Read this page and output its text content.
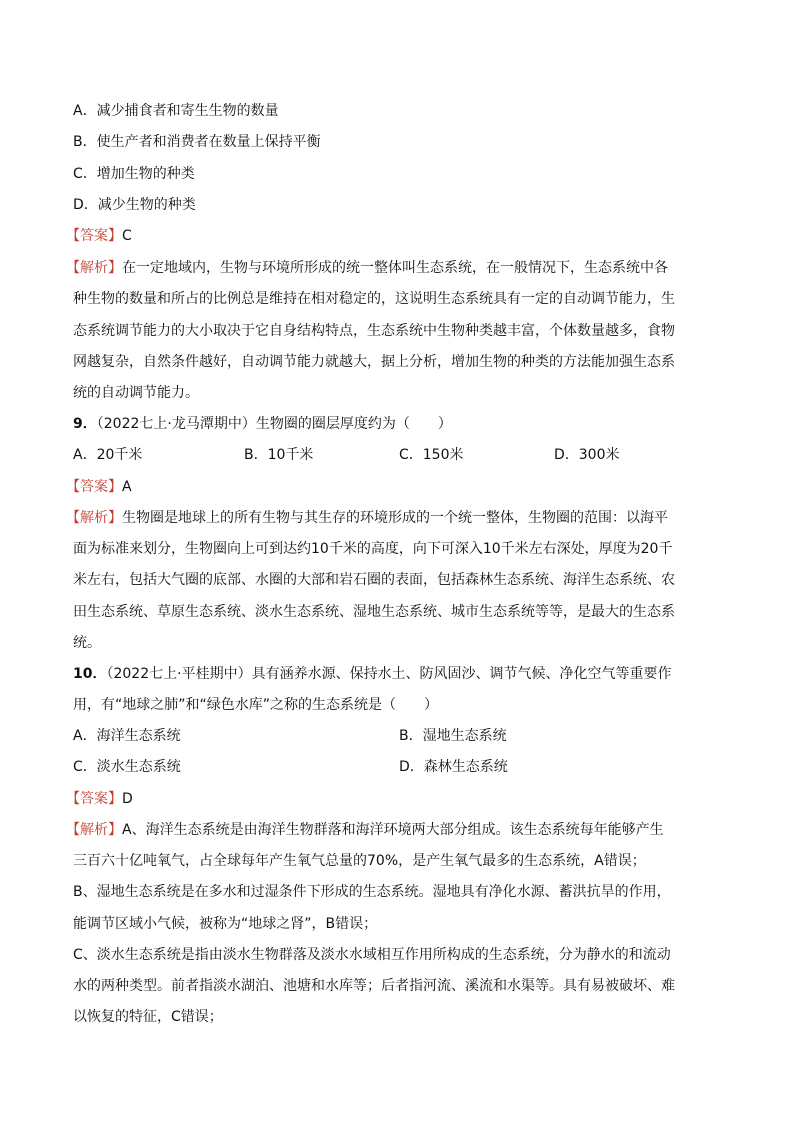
A．减少捕食者和寄生生物的数量
B．使生产者和消费者在数量上保持平衡
C．增加生物的种类
D．减少生物的种类
【答案】C
【解析】在一定地域内，生物与环境所形成的统一整体叫生态系统，在一般情况下，生态系统中各
种生物的数量和所占的比例总是维持在相对稳定的，这说明生态系统具有一定的自动调节能力，生
态系统调节能力的大小取决于它自身结构特点，生态系统中生物种类越丰富，个体数量越多，食物
网越复杂，自然条件越好，自动调节能力就越大，据上分析，增加生物的种类的方法能加强生态系
统的自动调节能力。
9．（2022七上·龙马潭期中）生物圈的圈层厚度约为（　　）
A．20千米	B．10千米	C．150米	D．300米
【答案】A
【解析】生物圈是地球上的所有生物与其生存的环境形成的一个统一整体，生物圈的范围：以海平
面为标准来划分，生物圈向上可到达约10千米的高度，向下可深入10千米左右深处，厚度为20千
米左右，包括大气圈的底部、水圈的大部和岩石圈的表面，包括森林生态系统、海洋生态系统、农
田生态系统、草原生态系统、淡水生态系统、湿地生态系统、城市生态系统等等，是最大的生态系
统。
10．（2022七上·平桂期中）具有涵养水源、保持水土、防风固沙、调节气候、净化空气等重要作
用，有“地球之肺”和“绿色水库”之称的生态系统是（　　）
A．海洋生态系统	B．湿地生态系统
C．淡水生态系统	D．森林生态系统
【答案】D
【解析】A、海洋生态系统是由海洋生物群落和海洋环境两大部分组成。该生态系统每年能够产生
三百六十亿吨氧气，占全球每年产生氧气总量的70%，是产生氧气最多的生态系统，A错误；
B、湿地生态系统是在多水和过湿条件下形成的生态系统。湿地具有净化水源、蓄洪抗旱的作用，
能调节区域小气候，被称为“地球之肾”，B错误；
C、淡水生态系统是指由淡水生物群落及淡水水域相互作用所构成的生态系统，分为静水的和流动
水的两种类型。前者指淡水湖泊、池塘和水库等；后者指河流、溪流和水渠等。具有易被破坏、难
以恢复的特征，C错误；
